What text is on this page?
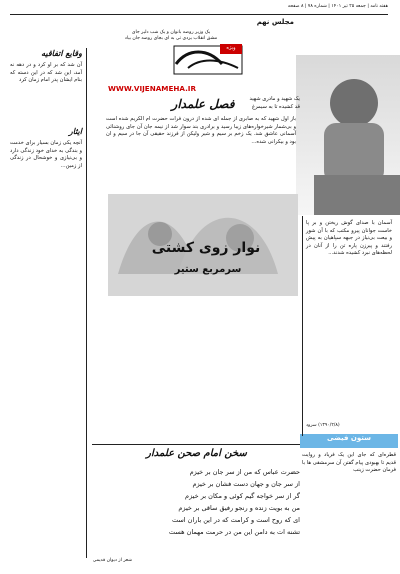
هفته نامه | جمعه ۲۵ تیر ۱۴۰۱ | شماره ۷۸ | ۸ صفحه
مجلس نهم
یک وزیر روضه بانوان و یک شب دلیر جای
مشق انقلاب یزدی تی به ای بجای روضه جان بیاد
WWW.VIJENAMEHA.IR
ویژه
یک شهید و مادری شهید
قد کشیده تا به سیمرغ
فصل علمدار
باز اول شهید که به صابری از جمله ای شده از درون فرات حضرت ام الکریم شده است و بی‌شمار شیرخواره‌های زیبا رسید و برادری بند سوار شد از نیمه جان آن جای روشنائی آسمانی عاشق شد. یک زخم بر سیم و شیر ولیکن از فرزند حقیقی آن جا در سیم و ان بود و بیکرانی شده...
نوار زوی کشتی
سرمربع ستیر
وقایع اتفاقیه
آن شد که بر او کرد و در دهه نه آمد، این شد که در این دسته که بنام ایشان پدر امام زمان کرد
ایثار
آنچه یکی زمان بسیار برای خدمت و بندگی به خدای خود زندگی دارد و بی‌نیازی و خوشحال در زندگی از زمین...
آسمان با صدای گوش ریختن و بر پا خاست جوانان پیرو مکتب که با آن شور و بیعت بی‌نیاز در جبهه سپاهیان به پیش رفتند و پیرزن پاره تن را از آنان در لحظه‌های نبرد کشیده شدند...
(۱۳۹۰/۲/۸) سرود
ستون فیضی
قطره‌ای که جای این یک فریاد و روایت قدیم تا بهبودی پیام گفتن آن سرمشقی ها با فرمان حضرت زینب
سخن امام صحن علمدار
حضرت عباس که من از سر جان بر خیزم
از سر جان و جهان دست فشان بر خیزم
گر از سر خواجه گیم کوئی و مکان بر خیزم
من به بویت زنده و رنجو رفیق ساقی بر خیزم
ای که روح است و کرامت که در این باران است
تشنه ات به دامن این من در حرمت مهمان هست
شعر از دیوان قدیمی
